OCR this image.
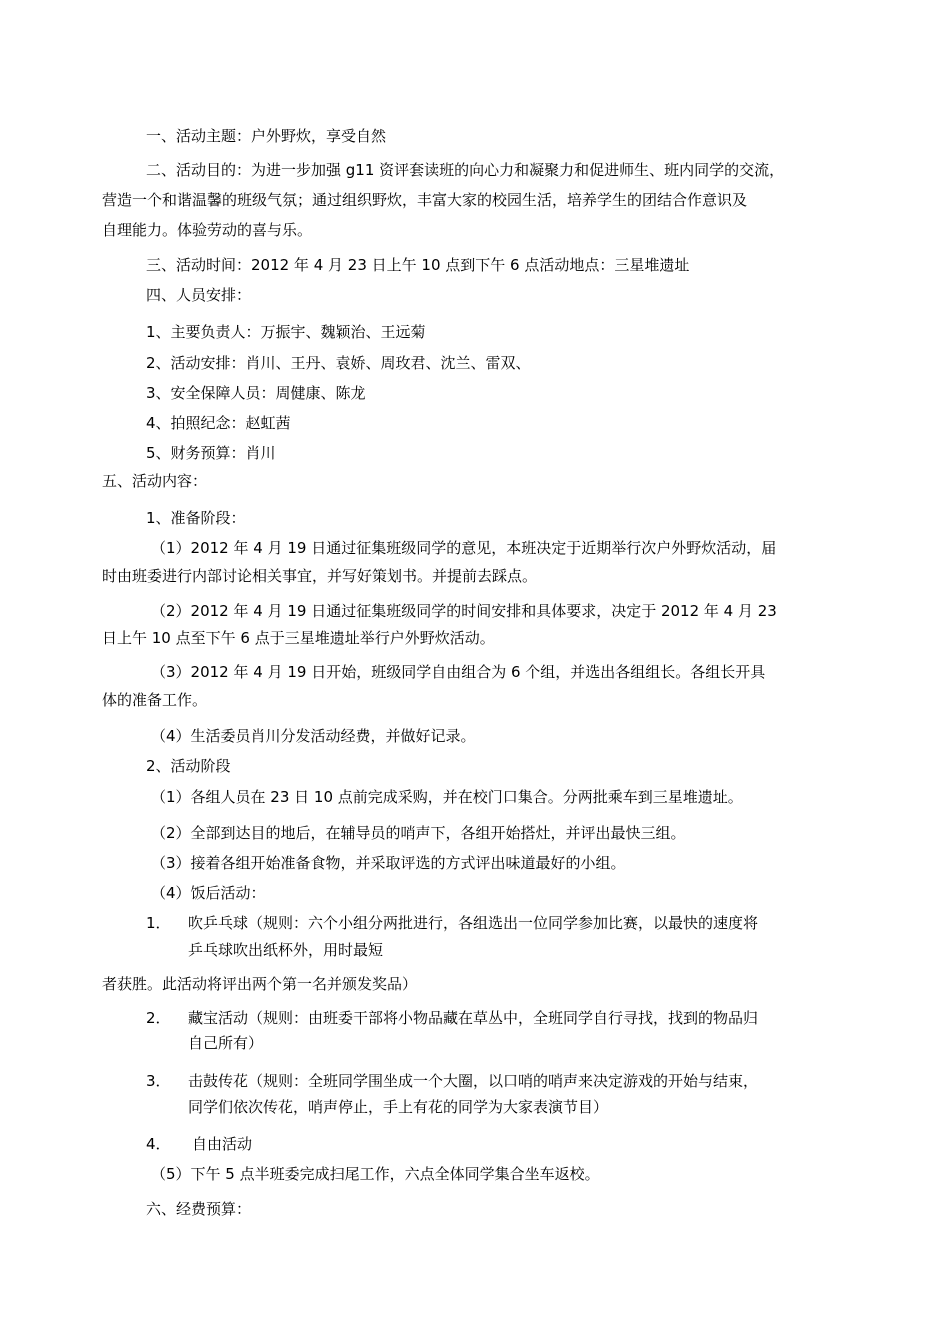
一、活动主题：户外野炊，享受自然
二、活动目的：为进一步加强 g11 资评套读班的向心力和凝聚力和促进师生、班内同学的交流，
营造一个和谐温馨的班级气氛；通过组织野炊，丰富大家的校园生活，培养学生的团结合作意识及
自理能力。体验劳动的喜与乐。
三、活动时间：2012 年 4 月 23 日上午 10 点到下午 6 点活动地点：三星堆遗址
四、人员安排：
1、主要负责人：万振宇、魏颖治、王远菊
2、活动安排：肖川、王丹、袁娇、周玫君、沈兰、雷双、
3、安全保障人员：周健康、陈龙
4、拍照纪念：赵虹茜
5、财务预算：肖川
五、活动内容：
1、准备阶段：
（1）2012 年 4 月 19 日通过征集班级同学的意见，本班决定于近期举行次户外野炊活动，届
时由班委进行内部讨论相关事宜，并写好策划书。并提前去踩点。
（2）2012 年 4 月 19 日通过征集班级同学的时间安排和具体要求，决定于 2012 年 4 月 23
日上午 10 点至下午 6 点于三星堆遗址举行户外野炊活动。
（3）2012 年 4 月 19 日开始，班级同学自由组合为 6 个组，并选出各组组长。各组长开具
体的准备工作。
（4）生活委员肖川分发活动经费，并做好记录。
2、活动阶段
（1）各组人员在 23 日 10 点前完成采购，并在校门口集合。分两批乘车到三星堆遗址。
（2）全部到达目的地后，在辅导员的哨声下，各组开始搭灶，并评出最快三组。
（3）接着各组开始准备食物，并采取评选的方式评出味道最好的小组。
（4）饭后活动：
1． 吹乒乓球（规则：六个小组分两批进行，各组选出一位同学参加比赛，以最快的速度将
乒乓球吹出纸杯外，用时最短
者获胜。此活动将评出两个第一名并颁发奖品）
2． 藏宝活动（规则：由班委干部将小物品藏在草丛中，全班同学自行寻找，找到的物品归
自己所有）
3． 击鼓传花（规则：全班同学围坐成一个大圈，以口哨的哨声来决定游戏的开始与结束，
同学们依次传花，哨声停止，手上有花的同学为大家表演节目）
4． 自由活动
（5）下午 5 点半班委完成扫尾工作，六点全体同学集合坐车返校。
六、经费预算：
